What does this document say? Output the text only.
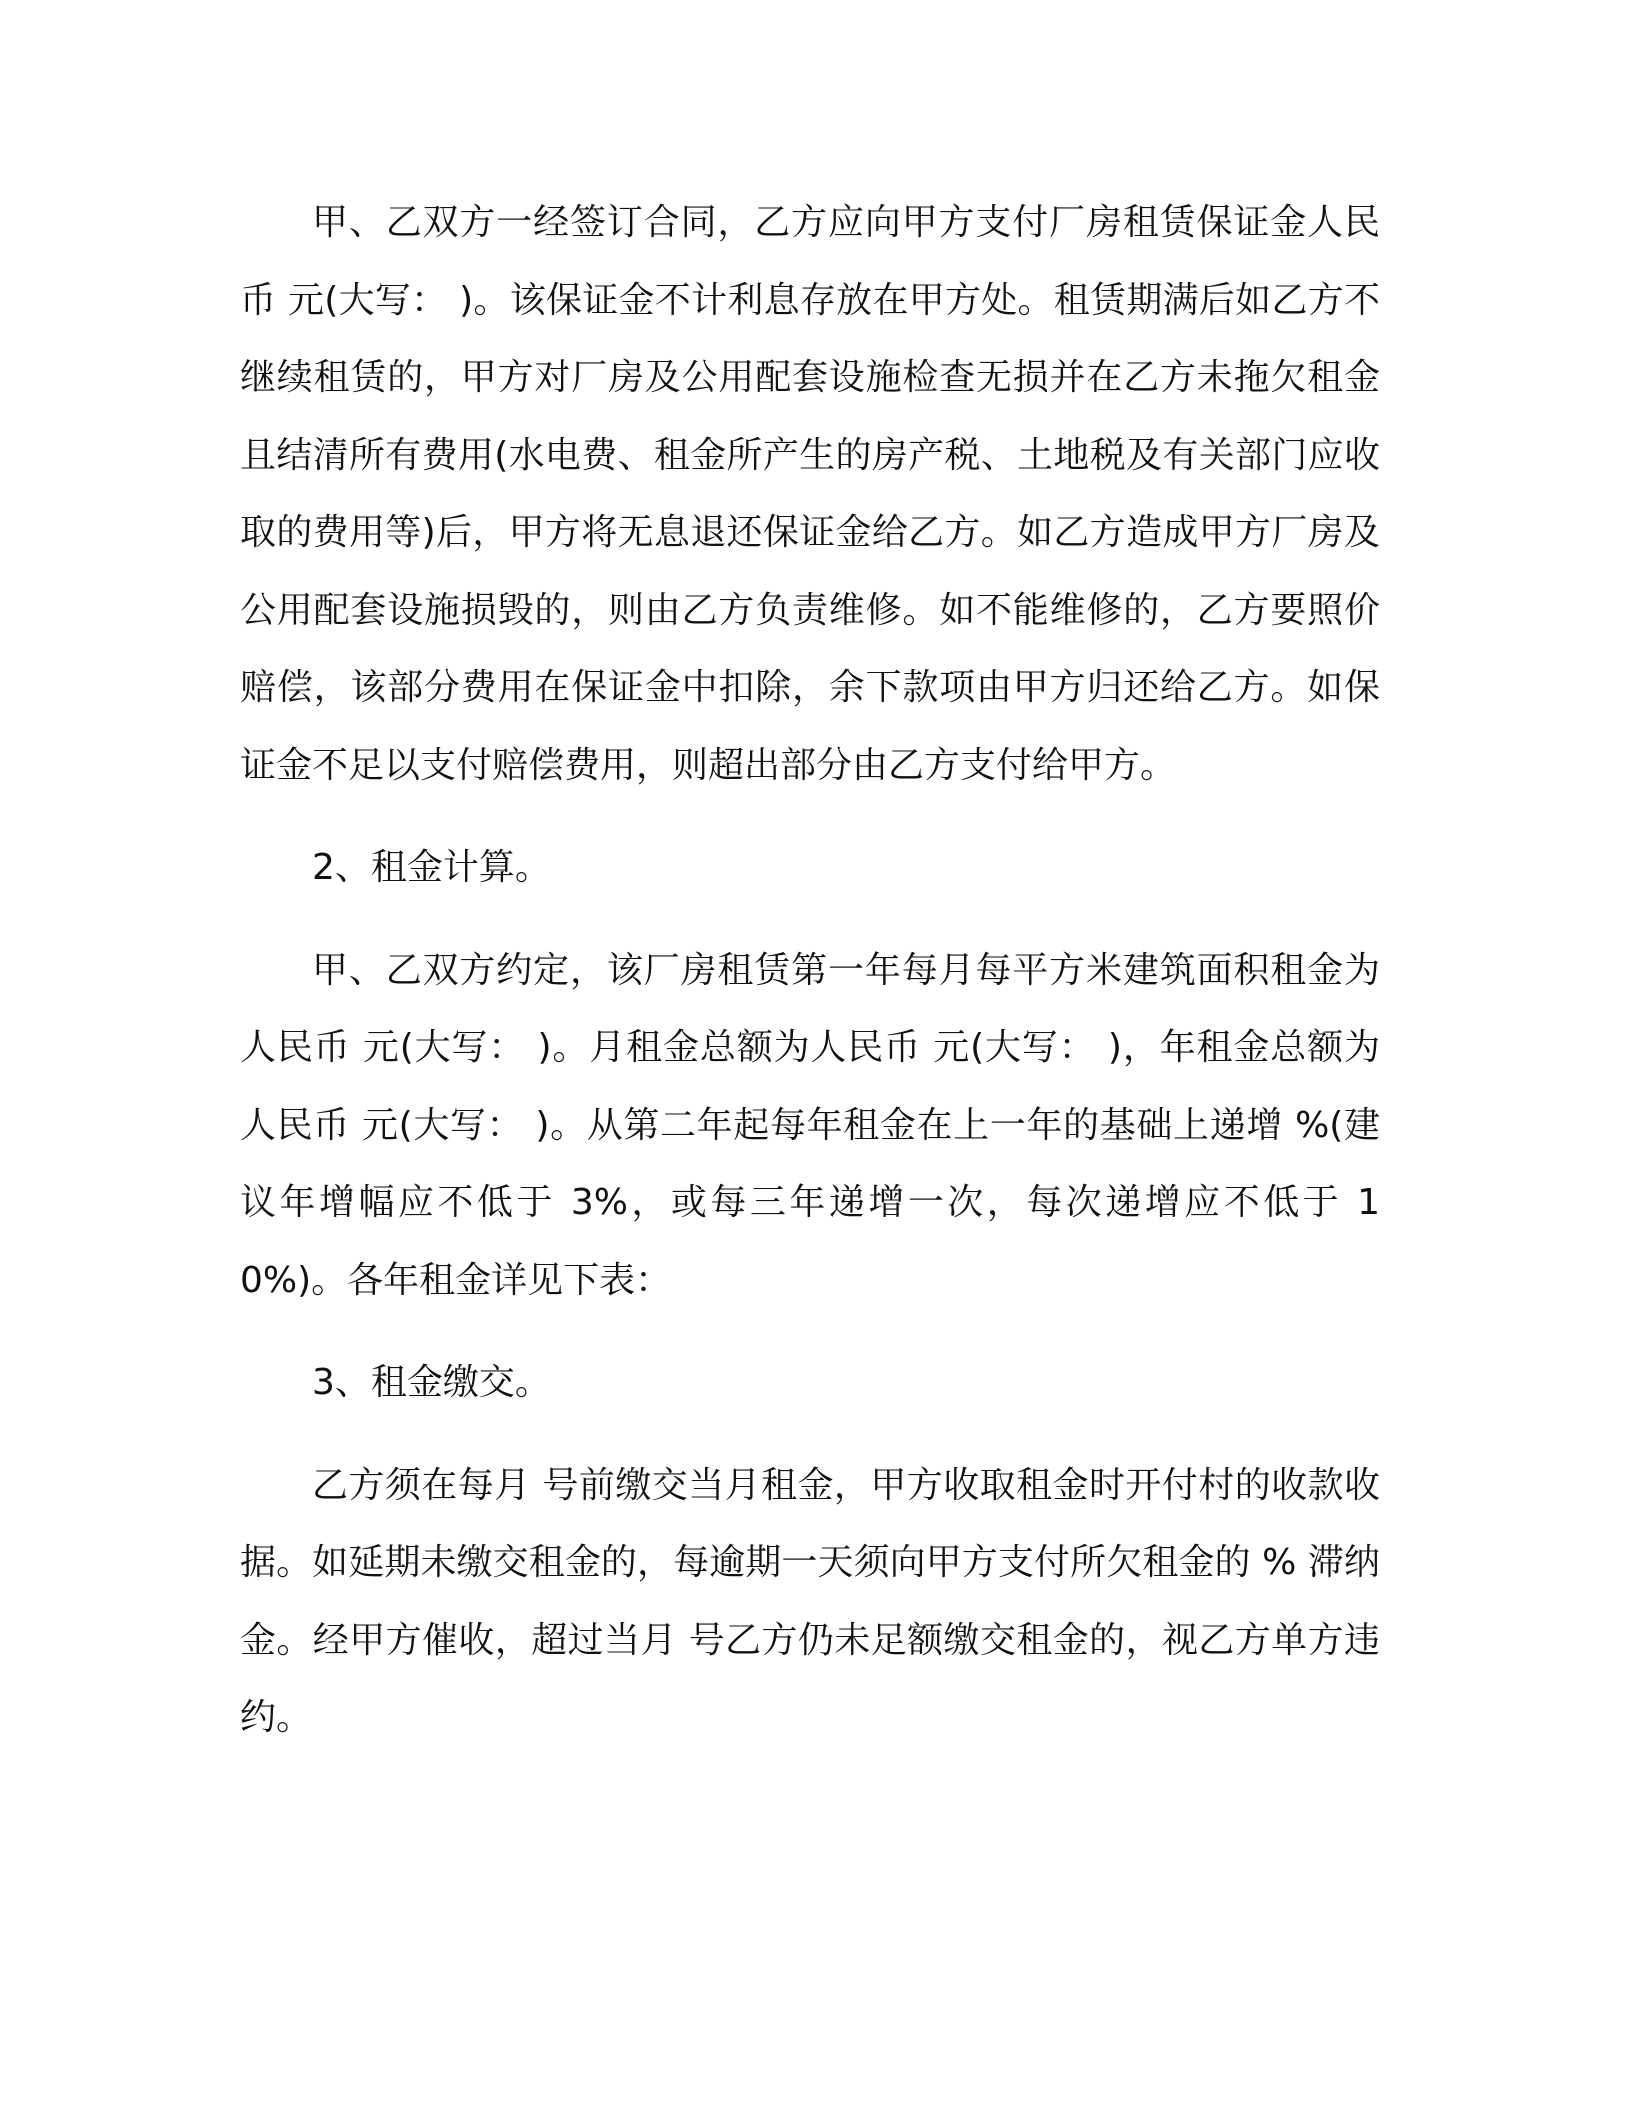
甲、乙双方一经签订合同，乙方应向甲方支付厂房租赁保证金人民币 元(大写： )。该保证金不计利息存放在甲方处。租赁期满后如乙方不继续租赁的，甲方对厂房及公用配套设施检查无损并在乙方未拖欠租金且结清所有费用(水电费、租金所产生的房产税、土地税及有关部门应收取的费用等)后，甲方将无息退还保证金给乙方。如乙方造成甲方厂房及公用配套设施损毁的，则由乙方负责维修。如不能维修的，乙方要照价赔偿，该部分费用在保证金中扣除，余下款项由甲方归还给乙方。如保证金不足以支付赔偿费用，则超出部分由乙方支付给甲方。

2、租金计算。

甲、乙双方约定，该厂房租赁第一年每月每平方米建筑面积租金为人民币 元(大写： )。月租金总额为人民币 元(大写： )，年租金总额为人民币 元(大写： )。从第二年起每年租金在上一年的基础上递增 %(建议年增幅应不低于 3%，或每三年递增一次，每次递增应不低于 10%)。各年租金详见下表：

3、租金缴交。

乙方须在每月 号前缴交当月租金，甲方收取租金时开付村的收款收据。如延期未缴交租金的，每逾期一天须向甲方支付所欠租金的 % 滞纳金。经甲方催收，超过当月 号乙方仍未足额缴交租金的，视乙方单方违约。
